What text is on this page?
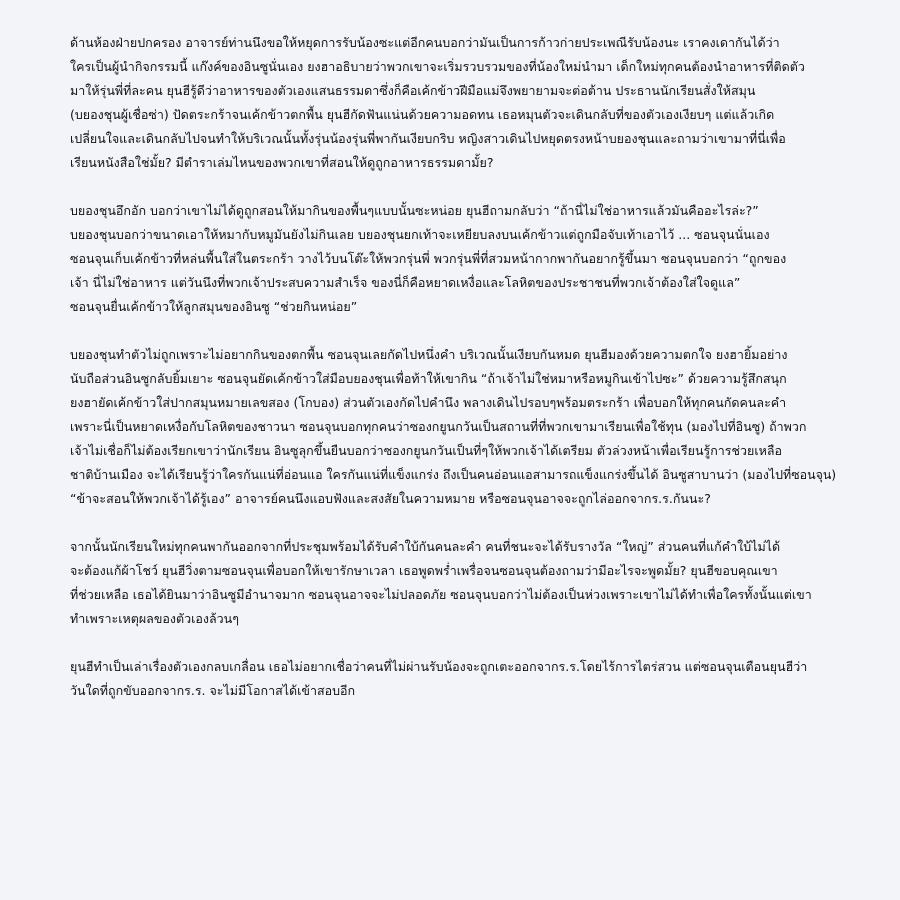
ด้านห้องฝ่ายปกครอง อาจารย์ท่านนึงขอให้หยุดการรับน้องซะแต่อีกคนบอกว่ามันเป็นการก้าวก่ายประเพณีรับน้องนะ เราคงเดากันได้ว่า
ใครเป็นผู้นำกิจกรรมนี้ แก๊งค์ของอินซูนั่นเอง ยงฮาอธิบายว่าพวกเขาจะเริ่มรวบรวมของที่น้องใหม่นำมา เด็กใหม่ทุกคนต้องนำอาหารที่ติดตัว
มาให้รุ่นพี่ที่ละคน ยุนฮีรู้ดีว่าอาหารของตัวเองแสนธรรมดาซึ่งก็คือเค้กข้าวฝีมือแม่จึงพยายามจะต่อต้าน ประธานนักเรียนสั่งให้สมุน
(บยองชุนผู้เชื่อซ่า) ปัดตระกร้าจนเค้กข้าวตกพื้น ยุนฮีกัดฟันแน่นด้วยความอดทน เธอหมุนตัวจะเดินกลับที่ของตัวเองเงียบๆ แต่แล้วเกิด
เปลี่ยนใจและเดินกลับไปจนทำให้บริเวณนั้นทั้งรุ่นน้องรุ่นพี่พากันเงียบกริบ หญิงสาวเดินไปหยุดตรงหน้าบยองชุนและถามว่าเขามาที่นี่เพื่อ
เรียนหนังสือใช่มั้ย? มีตำราเล่มไหนของพวกเขาที่สอนให้ดูถูกอาหารธรรมดามั้ย?
บยองชุนอึกอัก บอกว่าเขาไม่ได้ดูถูกสอนให้มากินของพื้นๆแบบนั้นซะหน่อย ยุนฮีถามกลับว่า “ถ้านี่ไม่ใช่อาหารแล้วมันคืออะไรล่ะ?”
บยองชุนบอกว่าขนาดเอาให้หมากับหมูมันยังไม่กินเลย บยองชุนยกเท้าจะเหยียบลงบนเค้กข้าวแต่ถูกมือจับเท้าเอาไว้ ... ซอนจุนนั่นเอง
ซอนจุนเก็บเค้กข้าวที่หล่นพื้นใส่ในตระกร้า วางไว้บนโต๊ะให้พวกรุ่นพี่ พวกรุ่นพี่ที่สวมหน้ากากพากันอยากรู้ขึ้นมา ซอนจุนบอกว่า “ถูกของ
เจ้า นี่ไม่ใช่อาหาร แต่วันนึงที่พวกเจ้าประสบความสำเร็จ ของนี่ก็คือหยาดเหงื่อและโลหิตของประชาชนที่พวกเจ้าต้องใส่ใจดูแล”
ซอนจุนยื่นเค้กข้าวให้ลูกสมุนของอินซู “ช่วยกินหน่อย”
บยองชุนทำตัวไม่ถูกเพราะไม่อยากกินของตกพื้น ซอนจุนเลยกัดไปหนึ่งคำ บริเวณนั้นเงียบกันหมด ยุนฮีมองด้วยความตกใจ ยงฮายิ้มอย่าง
นับถือส่วนอินซูกลับยิ้มเยาะ ซอนจุนยัดเค้กข้าวใส่มือบยองชุนเพื่อท้าให้เขากิน “ถ้าเจ้าไม่ใช่หมาหรือหมูกินเข้าไปซะ” ด้วยความรู้สึกสนุก
ยงฮายัดเค้กข้าวใส่ปากสมุนหมายเลขสอง (โกบอง) ส่วนตัวเองกัดไปคำนึง พลางเดินไปรอบๆพร้อมตระกร้า เพื่อบอกให้ทุกคนกัดคนละคำ
เพราะนี่เป็นหยาดเหงื่อกับโลหิตของชาวนา ซอนจุนบอกทุกคนว่าซองกยูนกวันเป็นสถานที่ที่พวกเขามาเรียนเพื่อใช้ทุน (มองไปที่อินซู) ถ้าพวก
เจ้าไม่เชื่อก็ไม่ต้องเรียกเขาว่านักเรียน อินซูลุกขึ้นยืนบอกว่าซองกยูนกวันเป็นที่ๆให้พวกเจ้าได้เตรียม ตัวล่วงหน้าเพื่อเรียนรู้การช่วยเหลือ
ชาติบ้านเมือง จะได้เรียนรู้ว่าใครกันแน่ที่อ่อนแอ ใครกันแน่ที่แข็งแกร่ง ถึงเป็นคนอ่อนแอสามารถแข็งแกร่งขึ้นได้ อินซูสาบานว่า (มองไปที่ซอนจุน)
“ข้าจะสอนให้พวกเจ้าได้รู้เอง” อาจารย์คนนึงแอบฟังและสงสัยในความหมาย หรือซอนจุนอาจจะถูกไล่ออกจากร.ร.กันนะ?
จากนั้นนักเรียนใหม่ทุกคนพากันออกจากที่ประชุมพร้อมได้รับคำใบ้กันคนละคำ คนที่ชนะจะได้รับรางวัล “ใหญ่” ส่วนคนที่แก้คำใบ้ไม่ได้
จะต้องแก้ผ้าโชว์ ยุนฮีวิ่งตามซอนจุนเพื่อบอกให้เขารักษาเวลา เธอพูดพร่ำเพรื่อจนซอนจุนต้องถามว่ามีอะไรจะพูดมั้ย? ยุนฮีขอบคุณเขา
ที่ช่วยเหลือ เธอได้ยินมาว่าอินซูมีอำนาจมาก ซอนจุนอาจจะไม่ปลอดภัย ซอนจุนบอกว่าไม่ต้องเป็นห่วงเพราะเขาไม่ได้ทำเพื่อใครทั้งนั้นแต่เขา
ทำเพราะเหตุผลของตัวเองล้วนๆ
ยุนฮีทำเป็นเล่าเรื่องตัวเองกลบเกลื่อน เธอไม่อยากเชื่อว่าคนที่ไม่ผ่านรับน้องจะถูกเตะออกจากร.ร.โดยไร้การไตร่สวน แต่ซอนจุนเตือนยุนฮีว่า
วันใดที่ถูกขับออกจากร.ร. จะไม่มีโอกาสได้เข้าสอบอีก
